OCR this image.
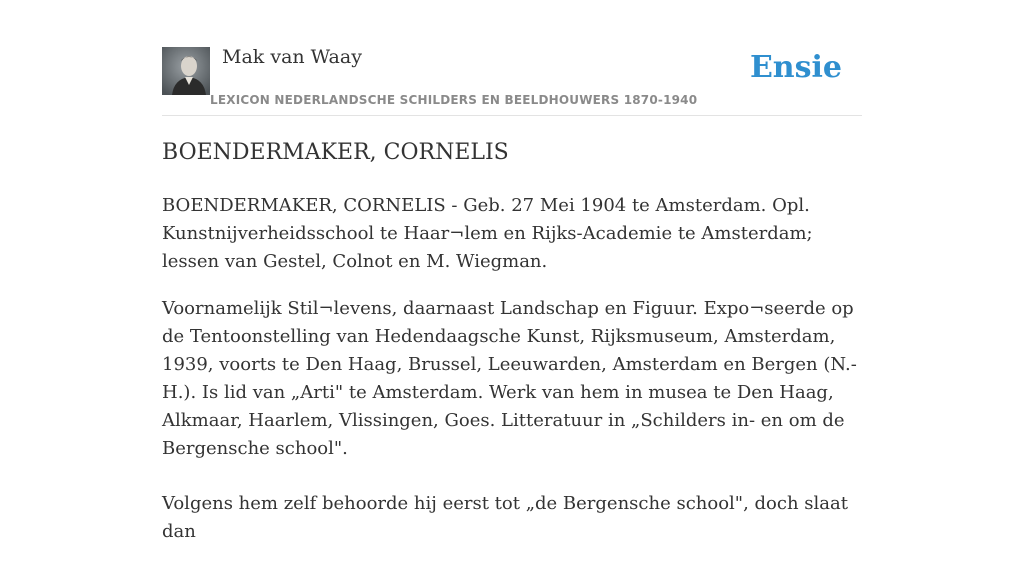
Mak van Waay
LEXICON NEDERLANDSCHE SCHILDERS EN BEELDHOUWERS 1870-1940
Ensie
BOENDERMAKER, CORNELIS

BOENDERMAKER, CORNELIS - Geb. 27 Mei 1904 te Amsterdam. Opl. Kunstnijverheidsschool te Haar¬lem en Rijks-Academie te Amsterdam; lessen van Gestel, Colnot en M. Wiegman.

Voornamelijk Stil¬levens, daarnaast Landschap en Figuur. Expo¬seerde op de Tentoonstelling van Hedendaagsche Kunst, Rijksmuseum, Amsterdam, 1939, voorts te Den Haag, Brussel, Leeuwarden, Amsterdam en Bergen (N.-H.). Is lid van „Arti" te Amsterdam. Werk van hem in musea te Den Haag, Alkmaar, Haarlem, Vlissingen, Goes. Litteratuur in „Schilders in- en om de Bergensche school".

Volgens hem zelf behoorde hij eerst tot „de Bergensche school", doch slaat dan
